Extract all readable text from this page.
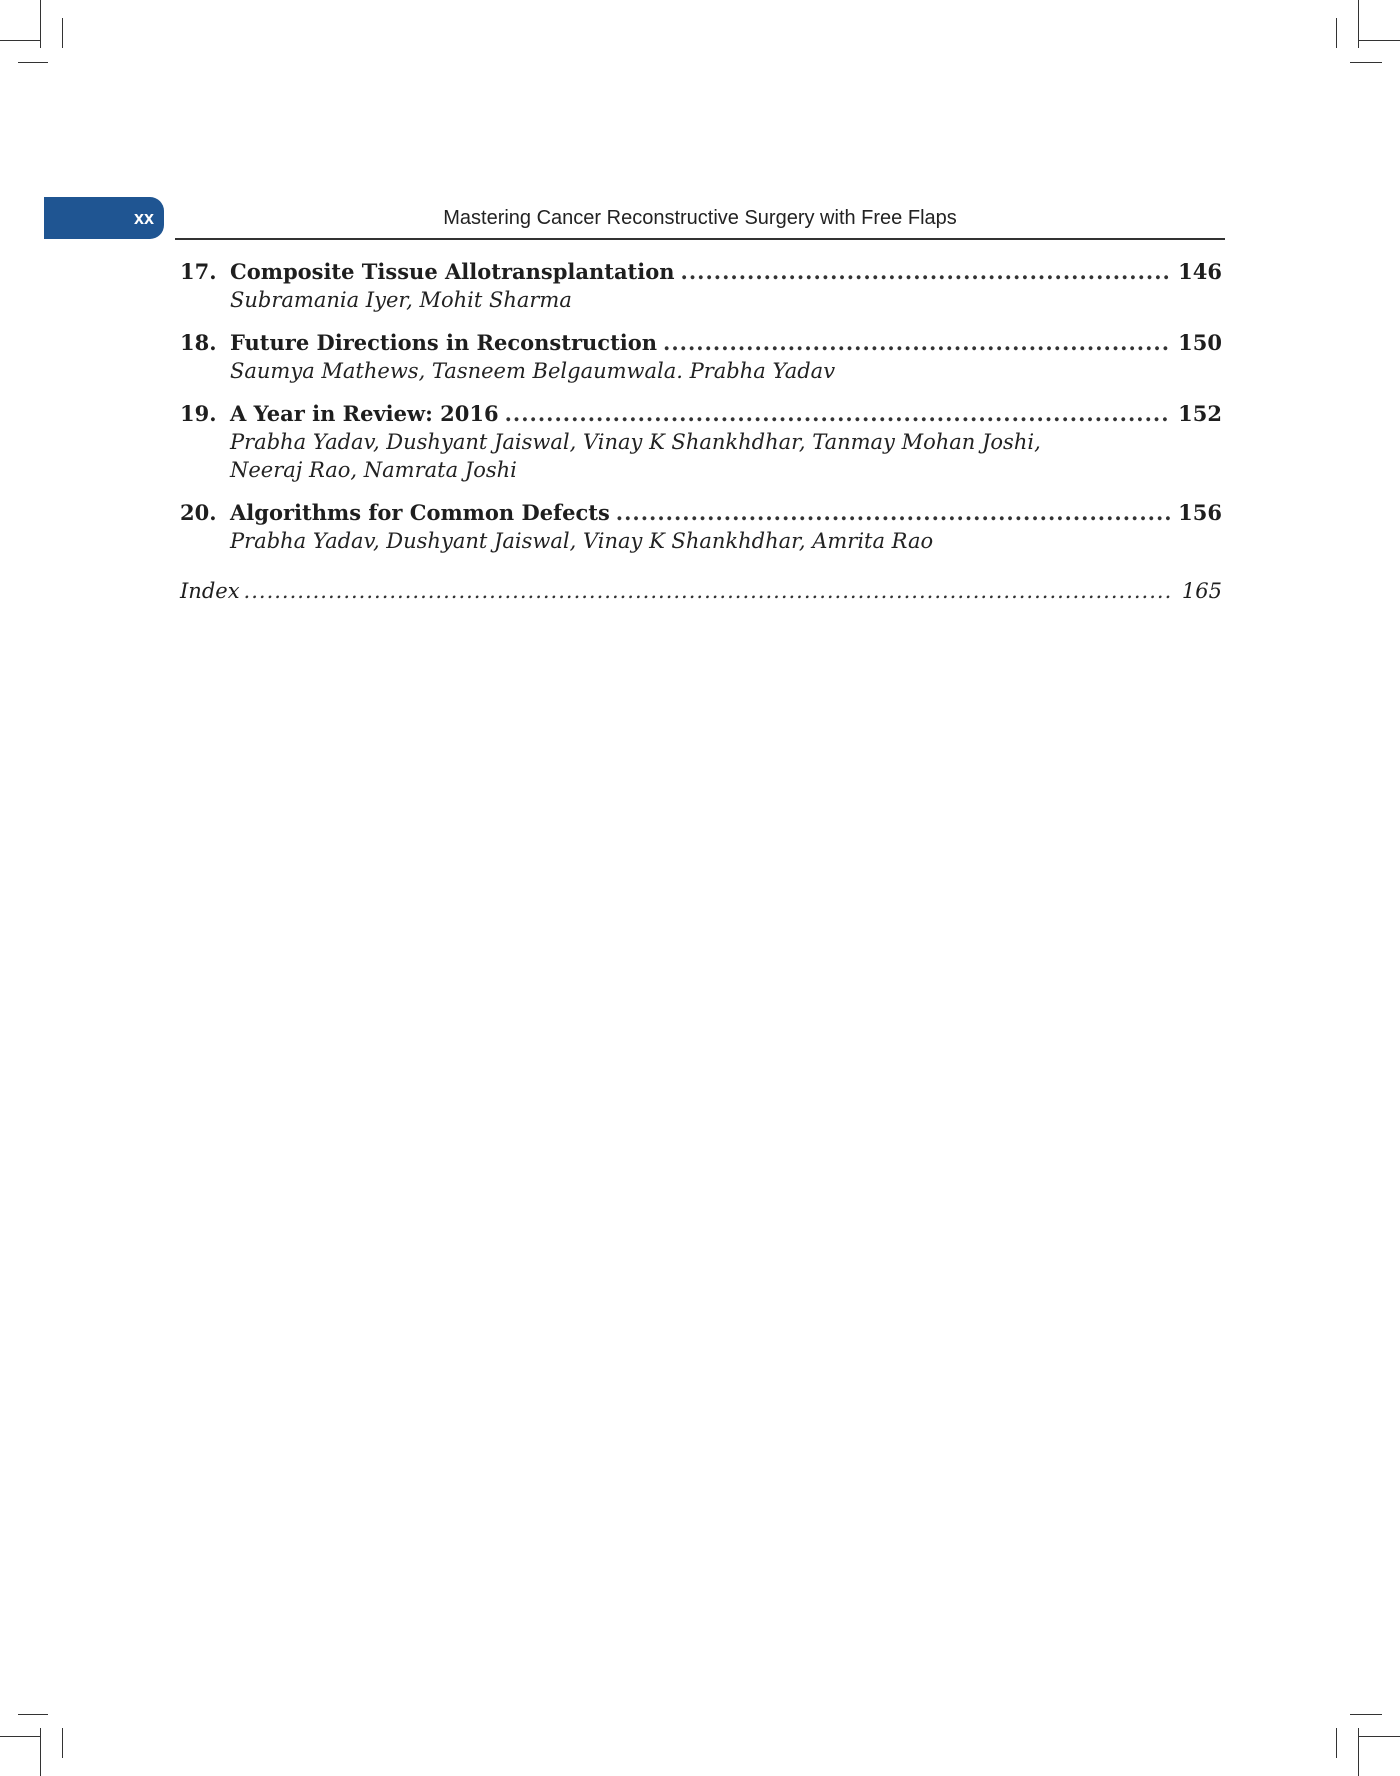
xx	Mastering Cancer Reconstructive Surgery with Free Flaps
17. Composite Tissue Allotransplantation .....	146
Subramania Iyer, Mohit Sharma
18. Future Directions in Reconstruction .....	150
Saumya Mathews, Tasneem Belgaumwala. Prabha Yadav
19. A Year in Review: 2016 .....	152
Prabha Yadav, Dushyant Jaiswal, Vinay K Shankhdhar, Tanmay Mohan Joshi,
Neeraj Rao, Namrata Joshi
20. Algorithms for Common Defects .....	156
Prabha Yadav, Dushyant Jaiswal, Vinay K Shankhdhar, Amrita Rao
Index .....	165
